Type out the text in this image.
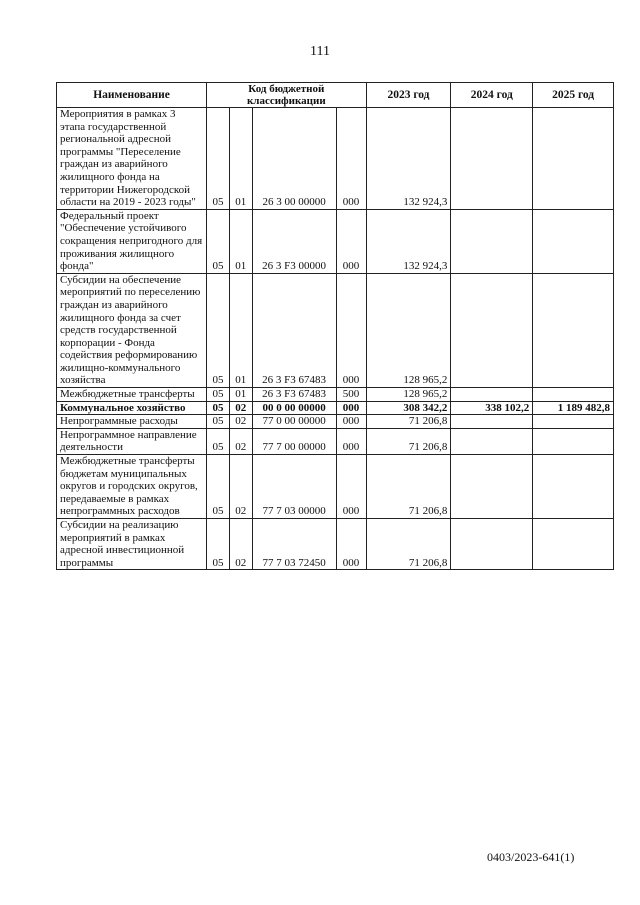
111
Наименование	Код бюджетной классификации				2023 год	2024 год	2025 год
Мероприятия в рамках 3 этапа государственной региональной адресной программы "Переселение граждан из аварийного жилищного фонда на территории Нижегородской области на 2019 - 2023 годы"	05	01	26 3 00 00000	000	132 924,3		
Федеральный проект "Обеспечение устойчивого сокращения непригодного для проживания жилищного фонда"	05	01	26 3 F3 00000	000	132 924,3		
Субсидии на обеспечение мероприятий по переселению граждан из аварийного жилищного фонда за счет средств государственной корпорации - Фонда содействия реформированию жилищно-коммунального хозяйства	05	01	26 3 F3 67483	000	128 965,2		
Межбюджетные трансферты	05	01	26 3 F3 67483	500	128 965,2		
Коммунальное хозяйство	05	02	00 0 00 00000	000	308 342,2	338 102,2	1 189 482,8
Непрограммные расходы	05	02	77 0 00 00000	000	71 206,8		
Непрограммное направление деятельности	05	02	77 7 00 00000	000	71 206,8		
Межбюджетные трансферты бюджетам муниципальных округов и городских округов, передаваемые в рамках непрограммных расходов	05	02	77 7 03 00000	000	71 206,8		
Субсидии на реализацию мероприятий в рамках адресной инвестиционной программы	05	02	77 7 03 72450	000	71 206,8		
0403/2023-641(1)
